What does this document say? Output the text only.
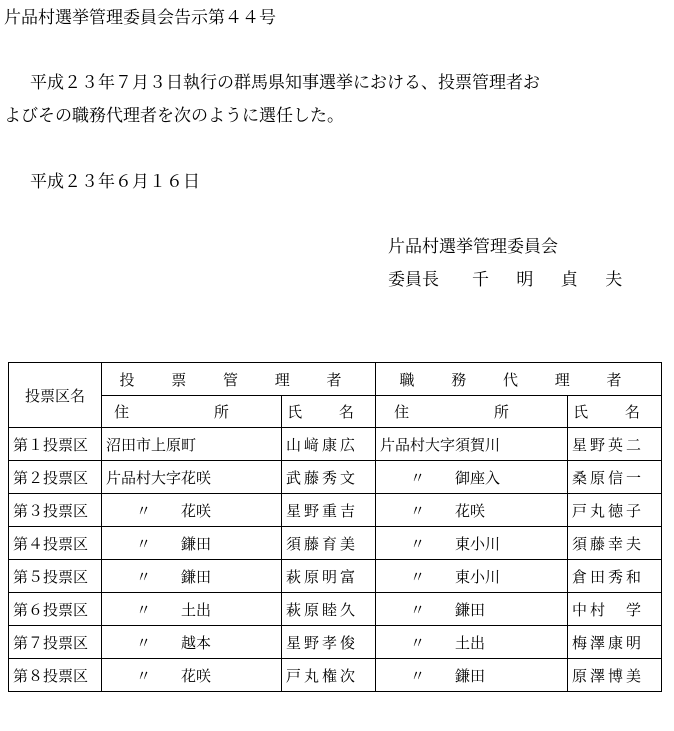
片品村選挙管理委員会告示第４４号
平成２３年７月３日執行の群馬県知事選挙における、投票管理者お
よびその職務代理者を次のように選任した。
平成２３年６月１６日
片品村選挙管理委員会
委員長 千 明 貞 夫
投票区名	投 票 管 理 者		職 務 代 理 者	
	住 所	氏 名	住 所	氏 名
第１投票区	沼田市上原町	山﨑康広	片品村大字須賀川	星野英二
第２投票区	片品村大字花咲	武藤秀文	〃　　御座入	桑原信一
第３投票区	〃　　花咲	星野重吉	〃　　花咲	戸丸徳子
第４投票区	〃　　鎌田	須藤育美	〃　　東小川	須藤幸夫
第５投票区	〃　　鎌田	萩原明富	〃　　東小川	倉田秀和
第６投票区	〃　　土出	萩原睦久	〃　　鎌田	中村　学
第７投票区	〃　　越本	星野孝俊	〃　　土出	梅澤康明
第８投票区	〃　　花咲	戸丸権次	〃　　鎌田	原澤博美
